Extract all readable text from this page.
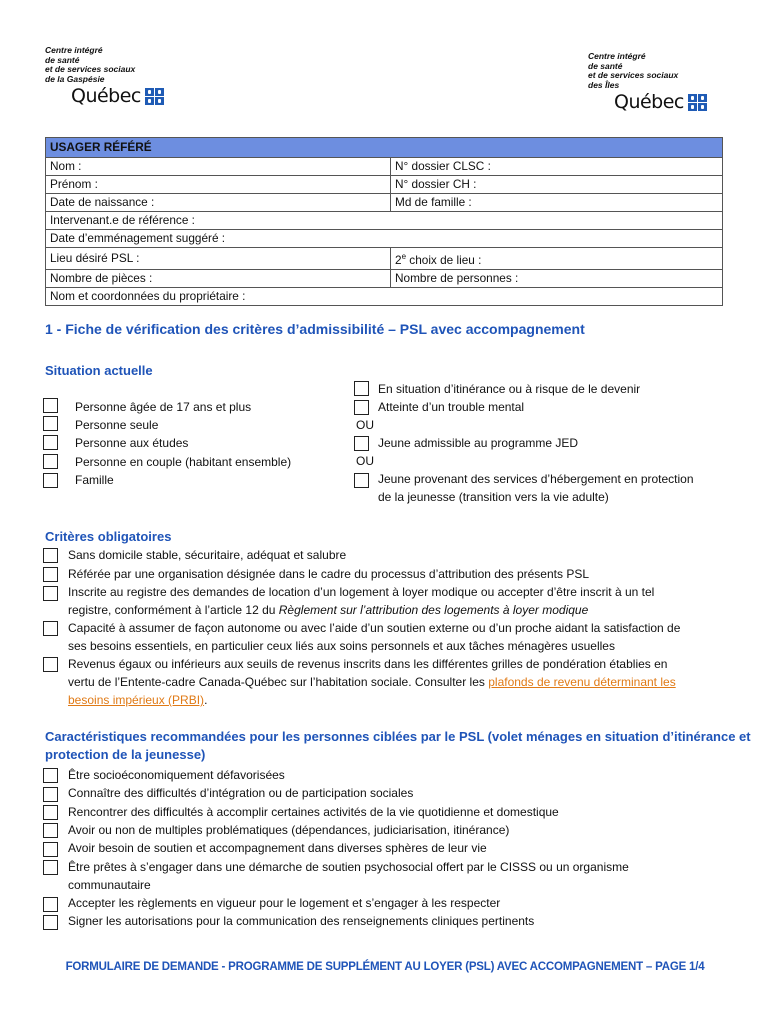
Centre intégré
de santé
et de services sociaux
de la Gaspésie
Québec
Centre intégré
de santé
et de services sociaux
des Îles
Québec
USAGER RÉFÉRÉ	
Nom :	N° dossier CLSC :
Prénom :	N° dossier CH :
Date de naissance :	Md de famille :
Intervenant.e de référence :	
Date d’emménagement suggéré :	
Lieu désiré PSL :	2e choix de lieu :
Nombre de pièces :	Nombre de personnes :
Nom et coordonnées du propriétaire :	
1 - Fiche de vérification des critères d’admissibilité – PSL avec accompagnement
Situation actuelle
Personne âgée de 17 ans et plus
Personne seule
Personne aux études
Personne en couple (habitant ensemble)
Famille
En situation d’itinérance ou à risque de le devenir
Atteinte d’un trouble mental
OU
Jeune admissible au programme JED
OU
Jeune provenant des services d’hébergement en protection
de la jeunesse (transition vers la vie adulte)
Critères obligatoires
Sans domicile stable, sécuritaire, adéquat et salubre
Référée par une organisation désignée dans le cadre du processus d’attribution des présents PSL
Inscrite au registre des demandes de location d’un logement à loyer modique ou accepter d’être inscrit à un tel
registre, conformément à l’article 12 du Règlement sur l’attribution des logements à loyer modique
Capacité à assumer de façon autonome ou avec l’aide d’un soutien externe ou d’un proche aidant la satisfaction de
ses besoins essentiels, en particulier ceux liés aux soins personnels et aux tâches ménagères usuelles
Revenus égaux ou inférieurs aux seuils de revenus inscrits dans les différentes grilles de pondération établies en
vertu de l’Entente-cadre Canada-Québec sur l’habitation sociale. Consulter les plafonds de revenu déterminant les
besoins impérieux (PRBI).
Caractéristiques recommandées pour les personnes ciblées par le PSL (volet ménages en situation d’itinérance et
protection de la jeunesse)
Être socioéconomiquement défavorisées
Connaître des difficultés d’intégration ou de participation sociales
Rencontrer des difficultés à accomplir certaines activités de la vie quotidienne et domestique
Avoir ou non de multiples problématiques (dépendances, judiciarisation, itinérance)
Avoir besoin de soutien et accompagnement dans diverses sphères de leur vie
Être prêtes à s’engager dans une démarche de soutien psychosocial offert par le CISSS ou un organisme
communautaire
Accepter les règlements en vigueur pour le logement et s’engager à les respecter
Signer les autorisations pour la communication des renseignements cliniques pertinents
FORMULAIRE DE DEMANDE - PROGRAMME DE SUPPLÉMENT AU LOYER (PSL) AVEC ACCOMPAGNEMENT – PAGE 1/4
